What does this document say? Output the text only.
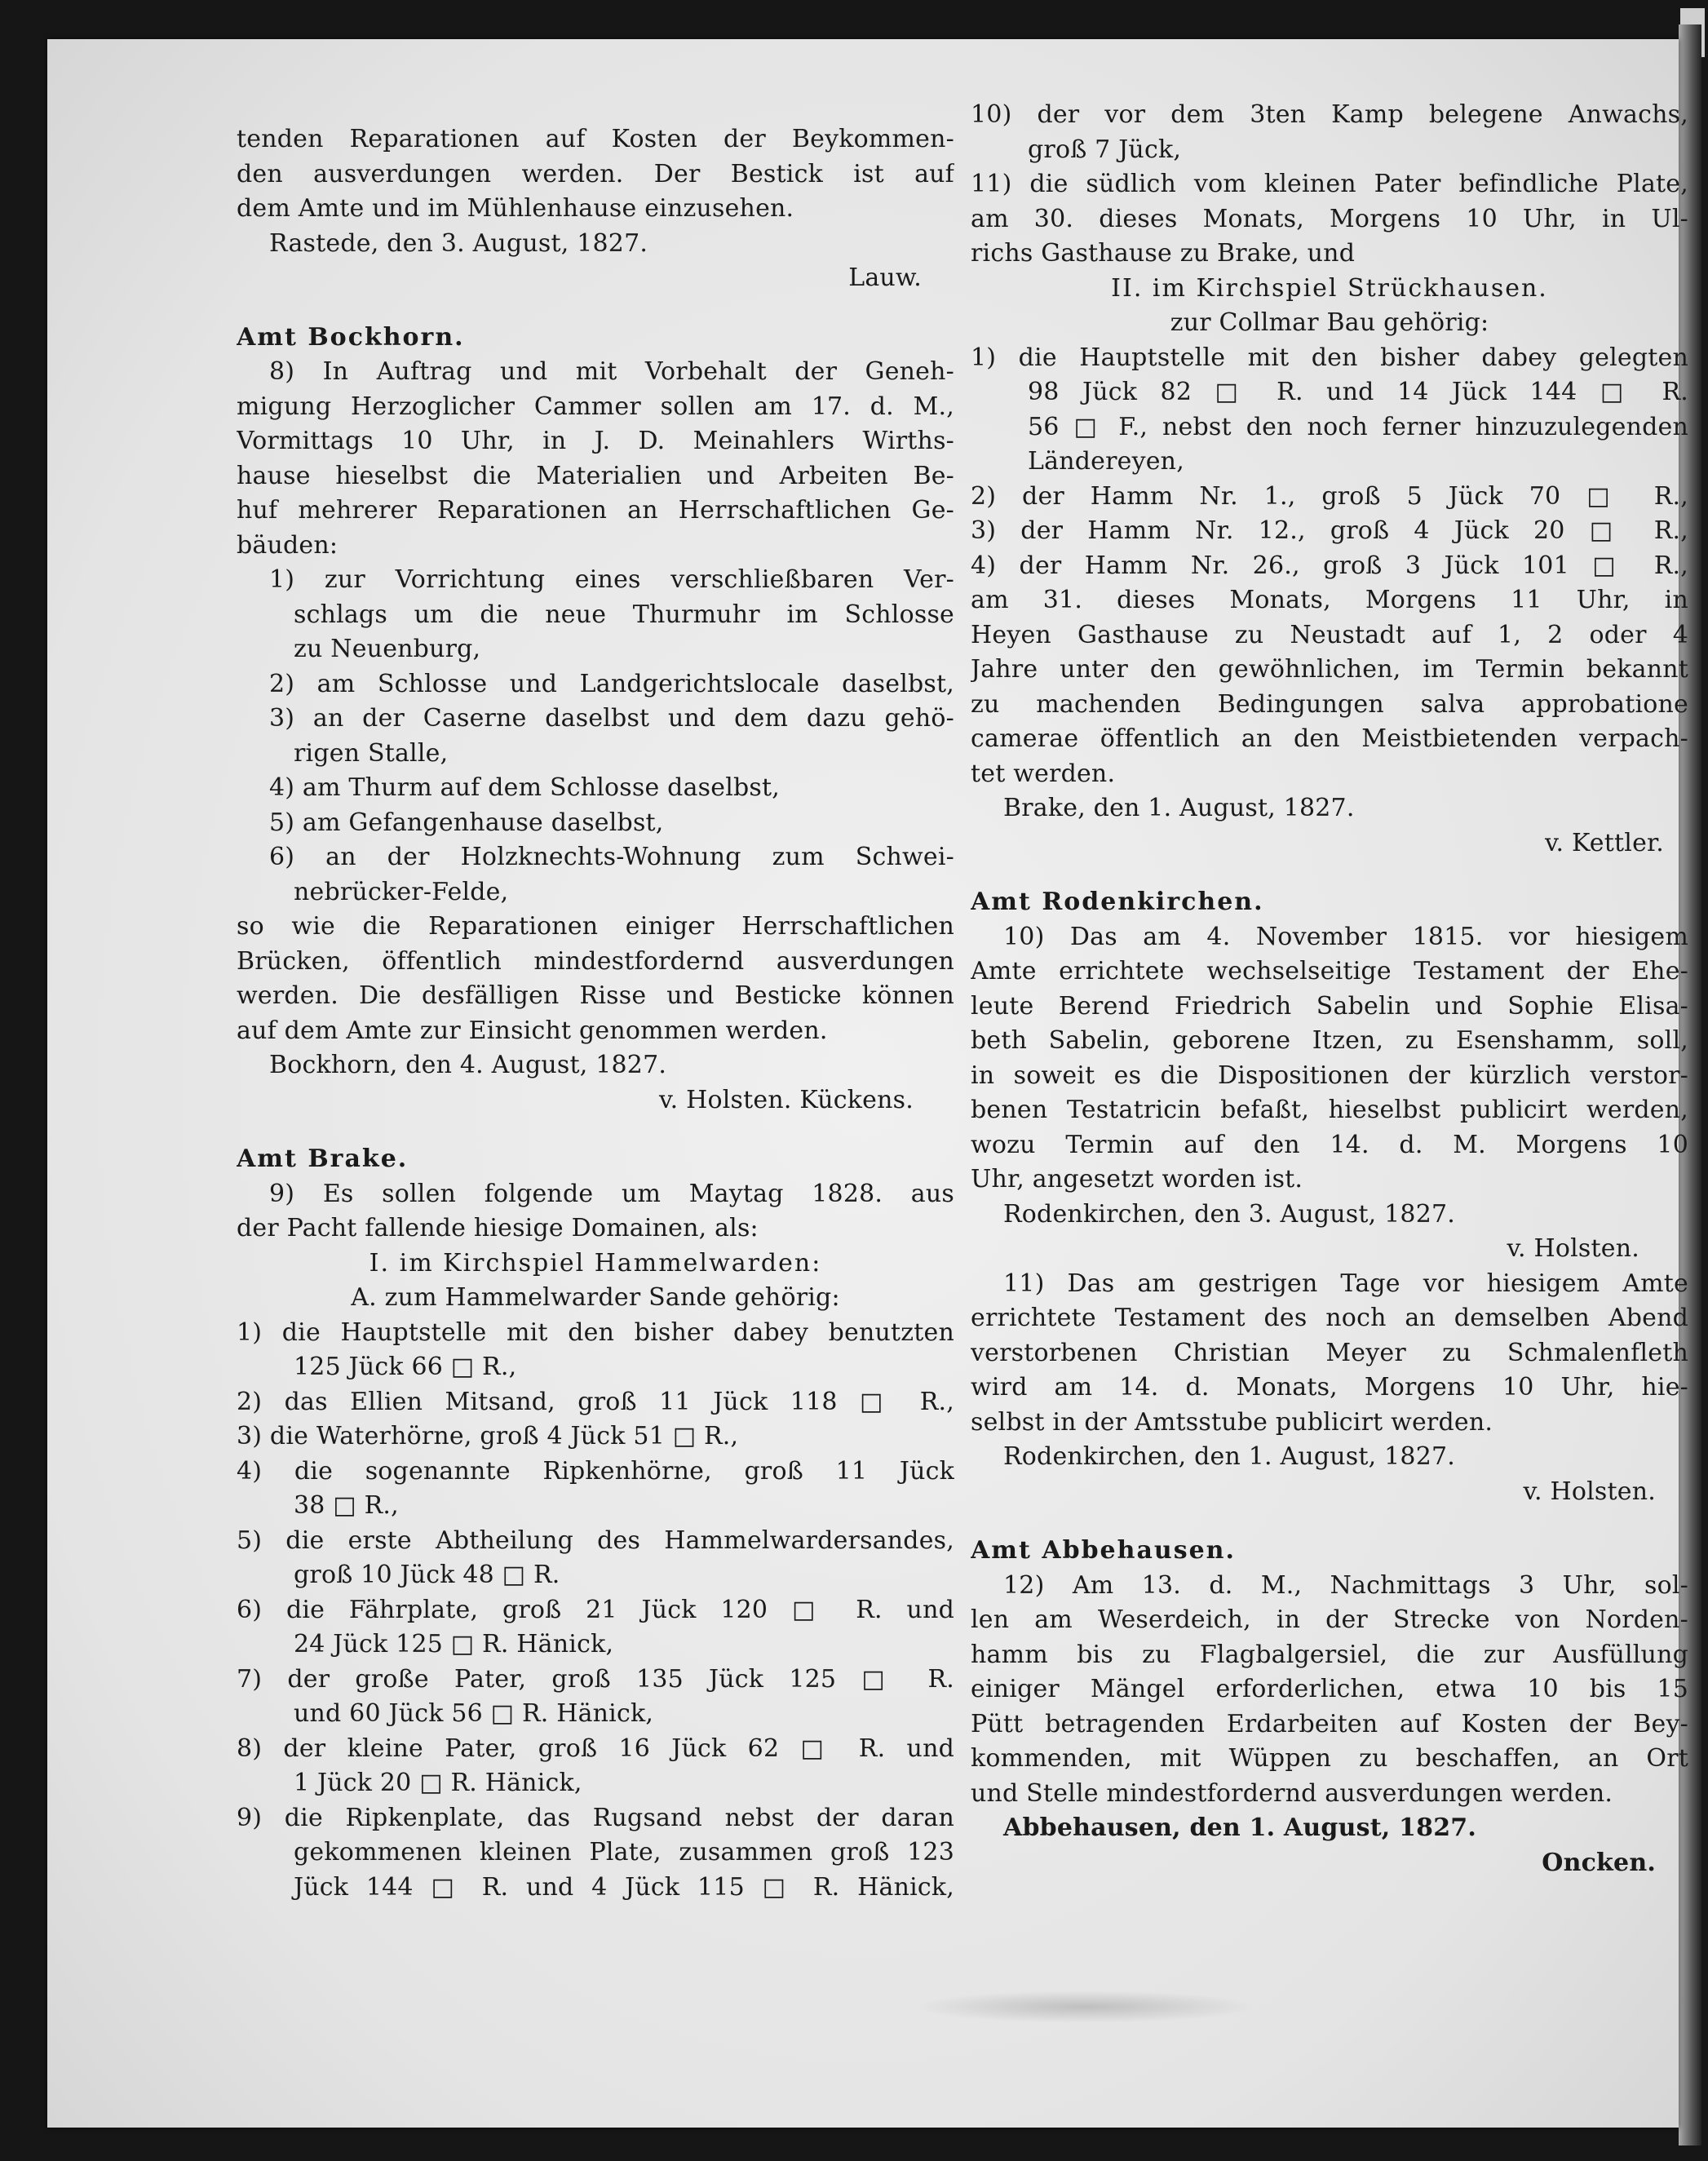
tenden Reparationen auf Kosten der Beykommen-
den ausverdungen werden. Der Bestick ist auf
dem Amte und im Mühlenhause einzusehen.
Rastede, den 3. August, 1827.
Lauw.
Amt Bockhorn.
8) In Auftrag und mit Vorbehalt der Geneh-
migung Herzoglicher Cammer sollen am 17. d. M.,
Vormittags 10 Uhr, in J. D. Meinahlers Wirths-
hause hieselbst die Materialien und Arbeiten Be-
huf mehrerer Reparationen an Herrschaftlichen Ge-
bäuden:
1) zur Vorrichtung eines verschließbaren Ver-
schlags um die neue Thurmuhr im Schlosse
zu Neuenburg,
2) am Schlosse und Landgerichtslocale daselbst,
3) an der Caserne daselbst und dem dazu gehö-
rigen Stalle,
4) am Thurm auf dem Schlosse daselbst,
5) am Gefangenhause daselbst,
6) an der Holzknechts-Wohnung zum Schwei-
nebrücker-Felde,
so wie die Reparationen einiger Herrschaftlichen
Brücken, öffentlich mindestfordernd ausverdungen
werden. Die desfälligen Risse und Besticke können
auf dem Amte zur Einsicht genommen werden.
Bockhorn, den 4. August, 1827.
v. Holsten. Kückens.
Amt Brake.
9) Es sollen folgende um Maytag 1828. aus
der Pacht fallende hiesige Domainen, als:
I. im Kirchspiel Hammelwarden:
A. zum Hammelwarder Sande gehörig:
1) die Hauptstelle mit den bisher dabey benutzten
125 Jück 66 □ R.,
2) das Ellien Mitsand, groß 11 Jück 118 □ R.,
3) die Waterhörne, groß 4 Jück 51 □ R.,
4) die sogenannte Ripkenhörne, groß 11 Jück
38 □ R.,
5) die erste Abtheilung des Hammelwardersandes,
groß 10 Jück 48 □ R.
6) die Fährplate, groß 21 Jück 120 □ R. und
24 Jück 125 □ R. Hänick,
7) der große Pater, groß 135 Jück 125 □ R.
und 60 Jück 56 □ R. Hänick,
8) der kleine Pater, groß 16 Jück 62 □ R. und
1 Jück 20 □ R. Hänick,
9) die Ripkenplate, das Rugsand nebst der daran
gekommenen kleinen Plate, zusammen groß 123
Jück 144 □ R. und 4 Jück 115 □ R. Hänick,
10) der vor dem 3ten Kamp belegene Anwachs,
groß 7 Jück,
11) die südlich vom kleinen Pater befindliche Plate,
am 30. dieses Monats, Morgens 10 Uhr, in Ul-
richs Gasthause zu Brake, und
II. im Kirchspiel Strückhausen.
zur Collmar Bau gehörig:
1) die Hauptstelle mit den bisher dabey gelegten
98 Jück 82 □ R. und 14 Jück 144 □ R.
56 □ F., nebst den noch ferner hinzuzulegenden
Ländereyen,
2) der Hamm Nr. 1., groß 5 Jück 70 □ R.,
3) der Hamm Nr. 12., groß 4 Jück 20 □ R.,
4) der Hamm Nr. 26., groß 3 Jück 101 □ R.,
am 31. dieses Monats, Morgens 11 Uhr, in
Heyen Gasthause zu Neustadt auf 1, 2 oder 4
Jahre unter den gewöhnlichen, im Termin bekannt
zu machenden Bedingungen salva approbatione
camerae öffentlich an den Meistbietenden verpach-
tet werden.
Brake, den 1. August, 1827.
v. Kettler.
Amt Rodenkirchen.
10) Das am 4. November 1815. vor hiesigem
Amte errichtete wechselseitige Testament der Ehe-
leute Berend Friedrich Sabelin und Sophie Elisa-
beth Sabelin, geborene Itzen, zu Esenshamm, soll,
in soweit es die Dispositionen der kürzlich verstor-
benen Testatricin befaßt, hieselbst publicirt werden,
wozu Termin auf den 14. d. M. Morgens 10
Uhr, angesetzt worden ist.
Rodenkirchen, den 3. August, 1827.
v. Holsten.
11) Das am gestrigen Tage vor hiesigem Amte
errichtete Testament des noch an demselben Abend
verstorbenen Christian Meyer zu Schmalenfleth
wird am 14. d. Monats, Morgens 10 Uhr, hie-
selbst in der Amtsstube publicirt werden.
Rodenkirchen, den 1. August, 1827.
v. Holsten.
Amt Abbehausen.
12) Am 13. d. M., Nachmittags 3 Uhr, sol-
len am Weserdeich, in der Strecke von Norden-
hamm bis zu Flagbalgersiel, die zur Ausfüllung
einiger Mängel erforderlichen, etwa 10 bis 15
Pütt betragenden Erdarbeiten auf Kosten der Bey-
kommenden, mit Wüppen zu beschaffen, an Ort
und Stelle mindestfordernd ausverdungen werden.
Abbehausen, den 1. August, 1827.
Oncken.
